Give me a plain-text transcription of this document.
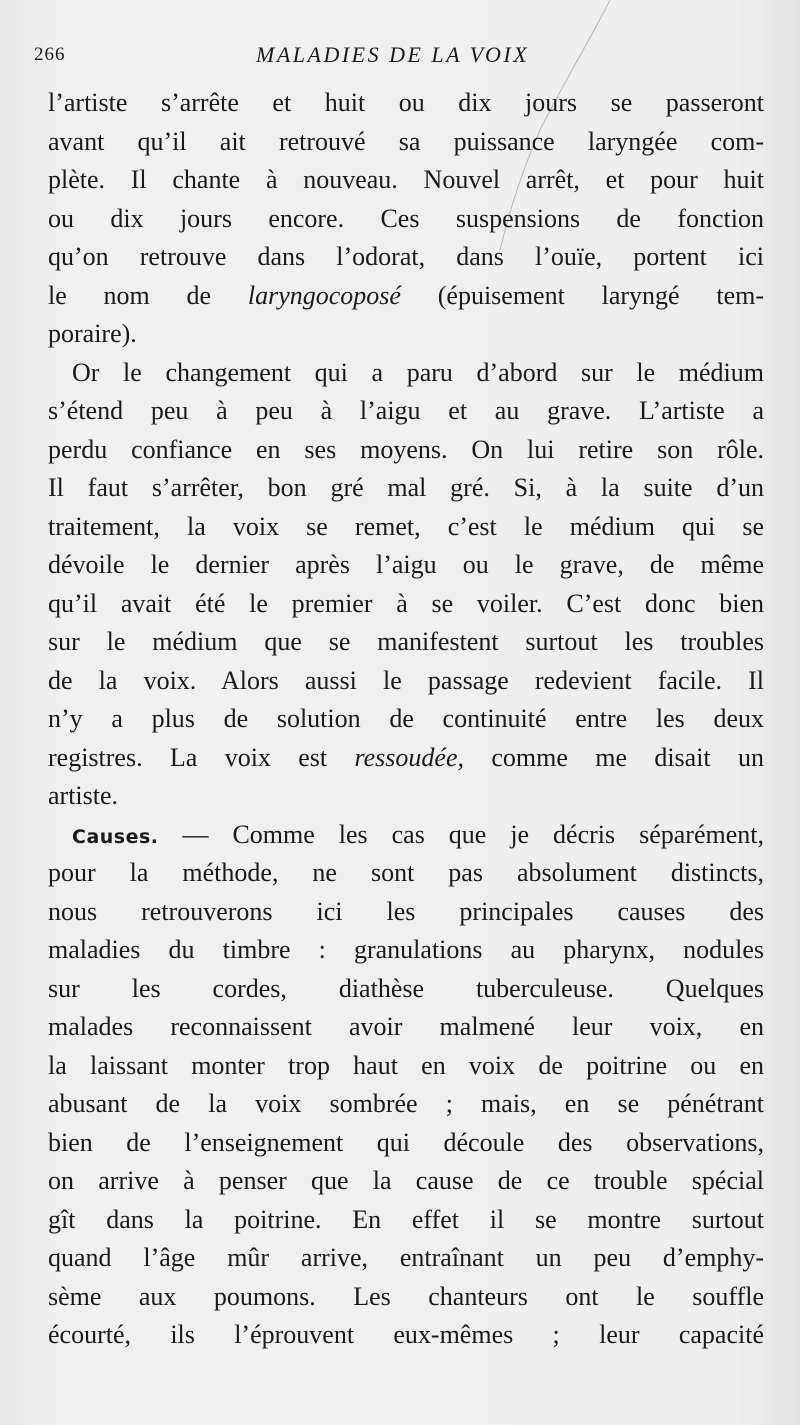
266	MALADIES DE LA VOIX
l’artiste s’arrête et huit ou dix jours se passeront
avant qu’il ait retrouvé sa puissance laryngée com-
plète. Il chante à nouveau. Nouvel arrêt, et pour huit
ou dix jours encore. Ces suspensions de fonction
qu’on retrouve dans l’odorat, dans l’ouïe, portent ici
le nom de laryngocoposé (épuisement laryngé tem-
poraire).
Or le changement qui a paru d’abord sur le médium
s’étend peu à peu à l’aigu et au grave. L’artiste a
perdu confiance en ses moyens. On lui retire son rôle.
Il faut s’arrêter, bon gré mal gré. Si, à la suite d’un
traitement, la voix se remet, c’est le médium qui se
dévoile le dernier après l’aigu ou le grave, de même
qu’il avait été le premier à se voiler. C’est donc bien
sur le médium que se manifestent surtout les troubles
de la voix. Alors aussi le passage redevient facile. Il
n’y a plus de solution de continuité entre les deux
registres. La voix est ressoudée, comme me disait un
artiste.
Causes. — Comme les cas que je décris séparément,
pour la méthode, ne sont pas absolument distincts,
nous retrouverons ici les principales causes des
maladies du timbre : granulations au pharynx, nodules
sur les cordes, diathèse tuberculeuse. Quelques
malades reconnaissent avoir malmené leur voix, en
la laissant monter trop haut en voix de poitrine ou en
abusant de la voix sombrée ; mais, en se pénétrant
bien de l’enseignement qui découle des observations,
on arrive à penser que la cause de ce trouble spécial
gît dans la poitrine. En effet il se montre surtout
quand l’âge mûr arrive, entraînant un peu d’emphy-
sème aux poumons. Les chanteurs ont le souffle
écourté, ils l’éprouvent eux-mêmes ; leur capacité
